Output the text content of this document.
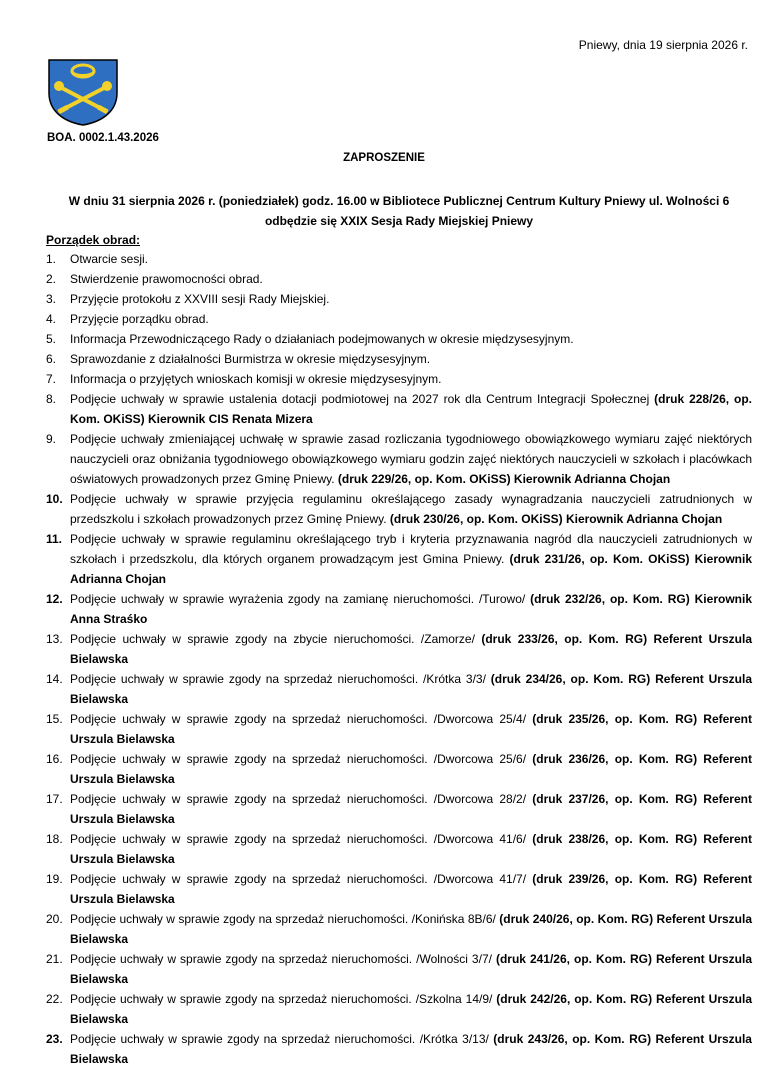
Pniewy, dnia 19 sierpnia 2026 r.
BOA. 0002.1.43.2026
ZAPROSZENIE
W dniu 31 sierpnia 2026 r. (poniedziałek) godz. 16.00 w Bibliotece Publicznej Centrum Kultury Pniewy ul. Wolności 6
odbędzie się XXIX Sesja Rady Miejskiej Pniewy
Porządek obrad:
1. Otwarcie sesji.
2. Stwierdzenie prawomocności obrad.
3. Przyjęcie protokołu z XXVIII sesji Rady Miejskiej.
4. Przyjęcie porządku obrad.
5. Informacja Przewodniczącego Rady o działaniach podejmowanych w okresie międzysesyjnym.
6. Sprawozdanie z działalności Burmistrza w okresie międzysesyjnym.
7. Informacja o przyjętych wnioskach komisji w okresie międzysesyjnym.
8. Podjęcie uchwały w sprawie ustalenia dotacji podmiotowej na 2027 rok dla Centrum Integracji Społecznej (druk 228/26, op. Kom. OKiSS) Kierownik CIS Renata Mizera
9. Podjęcie uchwały zmieniającej uchwałę w sprawie zasad rozliczania tygodniowego obowiązkowego wymiaru zajęć niektórych nauczycieli oraz obniżania tygodniowego obowiązkowego wymiaru godzin zajęć niektórych nauczycieli w szkołach i placówkach oświatowych prowadzonych przez Gminę Pniewy. (druk 229/26, op. Kom. OKiSS) Kierownik Adrianna Chojan
10. Podjęcie uchwały w sprawie przyjęcia regulaminu określającego zasady wynagradzania nauczycieli zatrudnionych w przedszkolu i szkołach prowadzonych przez Gminę Pniewy. (druk 230/26, op. Kom. OKiSS) Kierownik Adrianna Chojan
11. Podjęcie uchwały w sprawie regulaminu określającego tryb i kryteria przyznawania nagród dla nauczycieli zatrudnionych w szkołach i przedszkolu, dla których organem prowadzącym jest Gmina Pniewy. (druk 231/26, op. Kom. OKiSS) Kierownik Adrianna Chojan
12. Podjęcie uchwały w sprawie wyrażenia zgody na zamianę nieruchomości. /Turowo/ (druk 232/26, op. Kom. RG) Kierownik Anna Straśko
13. Podjęcie uchwały w sprawie zgody na zbycie nieruchomości. /Zamorze/ (druk 233/26, op. Kom. RG) Referent Urszula Bielawska
14. Podjęcie uchwały w sprawie zgody na sprzedaż nieruchomości. /Krótka 3/3/ (druk 234/26, op. Kom. RG) Referent Urszula Bielawska
15. Podjęcie uchwały w sprawie zgody na sprzedaż nieruchomości. /Dworcowa 25/4/ (druk 235/26, op. Kom. RG) Referent Urszula Bielawska
16. Podjęcie uchwały w sprawie zgody na sprzedaż nieruchomości. /Dworcowa 25/6/ (druk 236/26, op. Kom. RG) Referent Urszula Bielawska
17. Podjęcie uchwały w sprawie zgody na sprzedaż nieruchomości. /Dworcowa 28/2/ (druk 237/26, op. Kom. RG) Referent Urszula Bielawska
18. Podjęcie uchwały w sprawie zgody na sprzedaż nieruchomości. /Dworcowa 41/6/ (druk 238/26, op. Kom. RG) Referent Urszula Bielawska
19. Podjęcie uchwały w sprawie zgody na sprzedaż nieruchomości. /Dworcowa 41/7/ (druk 239/26, op. Kom. RG) Referent Urszula Bielawska
20. Podjęcie uchwały w sprawie zgody na sprzedaż nieruchomości. /Konińska 8B/6/ (druk 240/26, op. Kom. RG) Referent Urszula Bielawska
21. Podjęcie uchwały w sprawie zgody na sprzedaż nieruchomości. /Wolności 3/7/ (druk 241/26, op. Kom. RG) Referent Urszula Bielawska
22. Podjęcie uchwały w sprawie zgody na sprzedaż nieruchomości. /Szkolna 14/9/ (druk 242/26, op. Kom. RG) Referent Urszula Bielawska
23. Podjęcie uchwały w sprawie zgody na sprzedaż nieruchomości. /Krótka 3/13/ (druk 243/26, op. Kom. RG) Referent Urszula Bielawska
